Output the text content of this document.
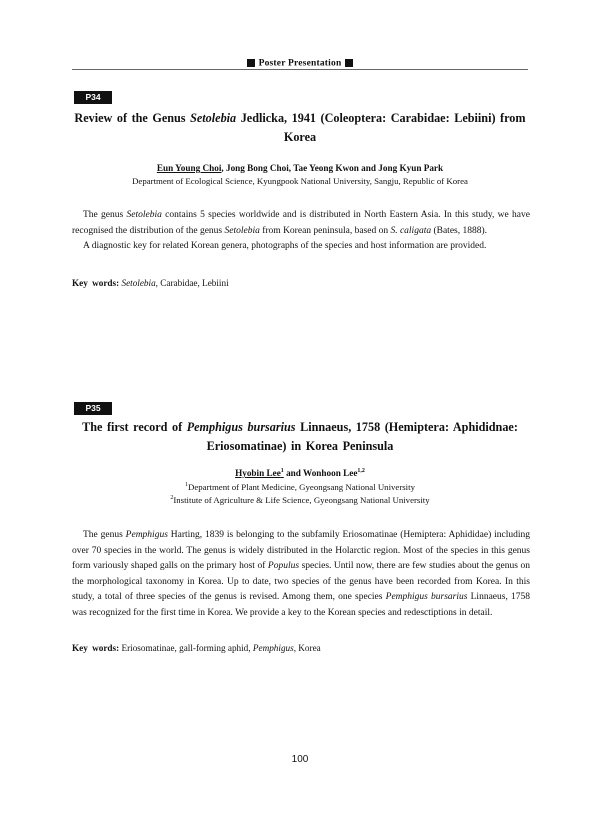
Poster Presentation
P34
Review of the Genus Setolebia Jedlicka, 1941 (Coleoptera: Carabidae: Lebiini) from Korea
Eun Young Choi, Jong Bong Choi, Tae Yeong Kwon and Jong Kyun Park
Department of Ecological Science, Kyungpook National University, Sangju, Republic of Korea

The genus Setolebia contains 5 species worldwide and is distributed in North Eastern Asia. In this study, we have recognised the distribution of the genus Setolebia from Korean peninsula, based on S. caligata (Bates, 1888).

A diagnostic key for related Korean genera, photographs of the species and host information are provided.

Key words: Setolebia, Carabidae, Lebiini
P35
The first record of Pemphigus bursarius Linnaeus, 1758 (Hemiptera: Aphididnae: Eriosomatinae) in Korea Peninsula
Hyobin Lee$^1$ and Wonhoon Lee$^{1,2}$
$^1$Department of Plant Medicine, Gyeongsang National University
$^2$Institute of Agriculture & Life Science, Gyeongsang National University

The genus Pemphigus Harting, 1839 is belonging to the subfamily Eriosomatinae (Hemiptera: Aphididae) including over 70 species in the world. The genus is widely distributed in the Holarctic region. Most of the species in this genus form variously shaped galls on the primary host of Populus species. Until now, there are few studies about the genus on the morphological taxonomy in Korea. Up to date, two species of the genus have been recorded from Korea. In this study, a total of three species of the genus is revised. Among them, one species Pemphigus bursarius Linnaeus, 1758 was recognized for the first time in Korea. We provide a key to the Korean species and redesctiptions in detail.

Key words: Eriosomatinae, gall-forming aphid, Pemphigus, Korea
100
